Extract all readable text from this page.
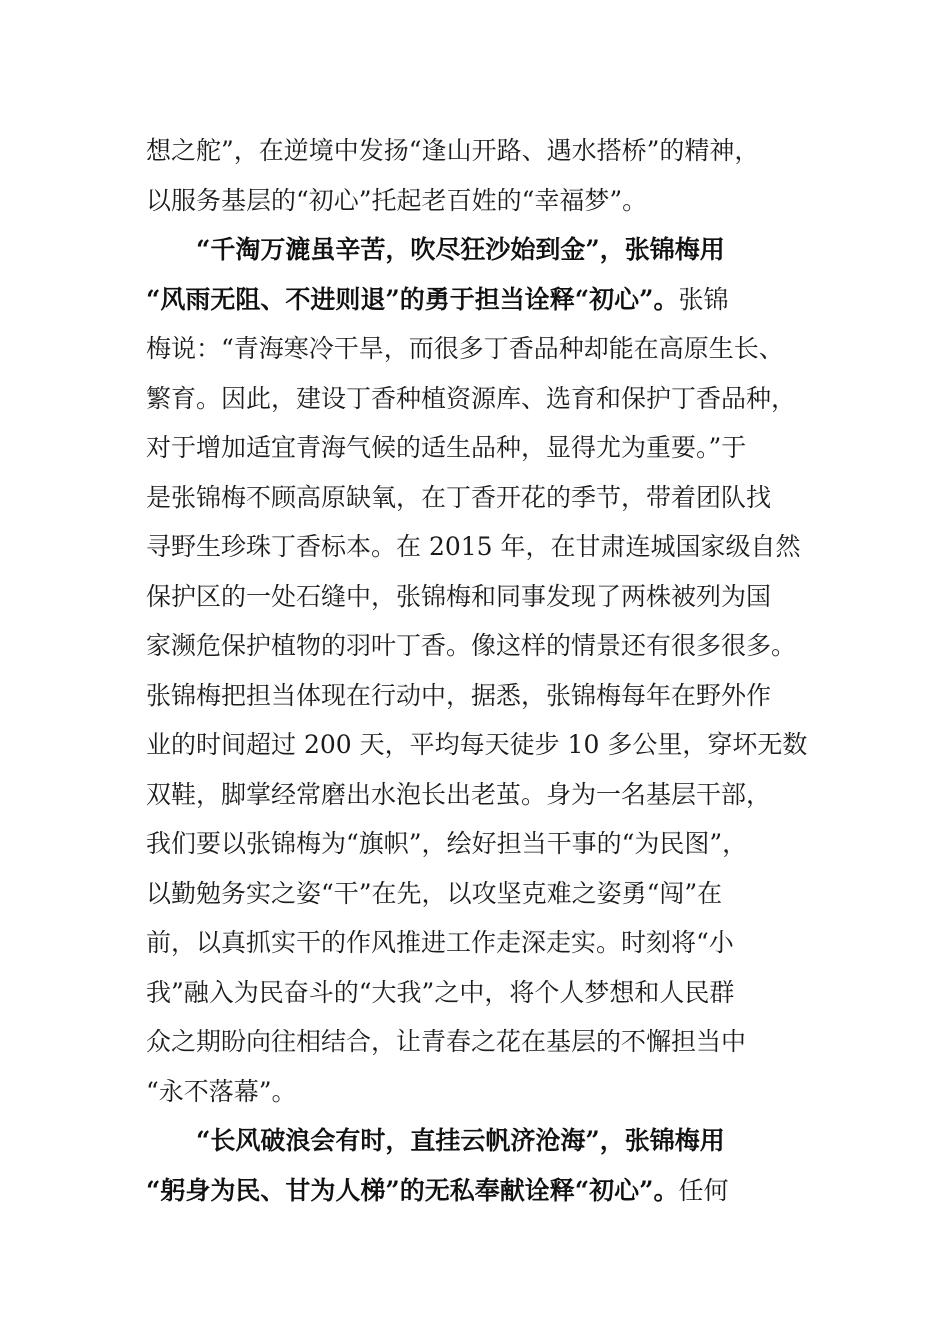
想之舵”，在逆境中发扬“逢山开路、遇水搭桥”的精神，
以服务基层的“初心”托起老百姓的“幸福梦”。
“千淘万漉虽辛苦，吹尽狂沙始到金”，张锦梅用
“风雨无阻、不进则退”的勇于担当诠释“初心”。张锦
梅说：“青海寒冷干旱，而很多丁香品种却能在高原生长、
繁育。因此，建设丁香种植资源库、选育和保护丁香品种，
对于增加适宜青海气候的适生品种，显得尤为重要。”于
是张锦梅不顾高原缺氧，在丁香开花的季节，带着团队找
寻野生珍珠丁香标本。在 2015 年，在甘肃连城国家级自然
保护区的一处石缝中，张锦梅和同事发现了两株被列为国
家濒危保护植物的羽叶丁香。像这样的情景还有很多很多。
张锦梅把担当体现在行动中，据悉，张锦梅每年在野外作
业的时间超过 200 天，平均每天徒步 10 多公里，穿坏无数
双鞋，脚掌经常磨出水泡长出老茧。身为一名基层干部，
我们要以张锦梅为“旗帜”，绘好担当干事的“为民图”，
以勤勉务实之姿“干”在先，以攻坚克难之姿勇“闯”在
前，以真抓实干的作风推进工作走深走实。时刻将“小
我”融入为民奋斗的“大我”之中，将个人梦想和人民群
众之期盼向往相结合，让青春之花在基层的不懈担当中
“永不落幕”。
“长风破浪会有时，直挂云帆济沧海”，张锦梅用
“躬身为民、甘为人梯”的无私奉献诠释“初心”。任何
